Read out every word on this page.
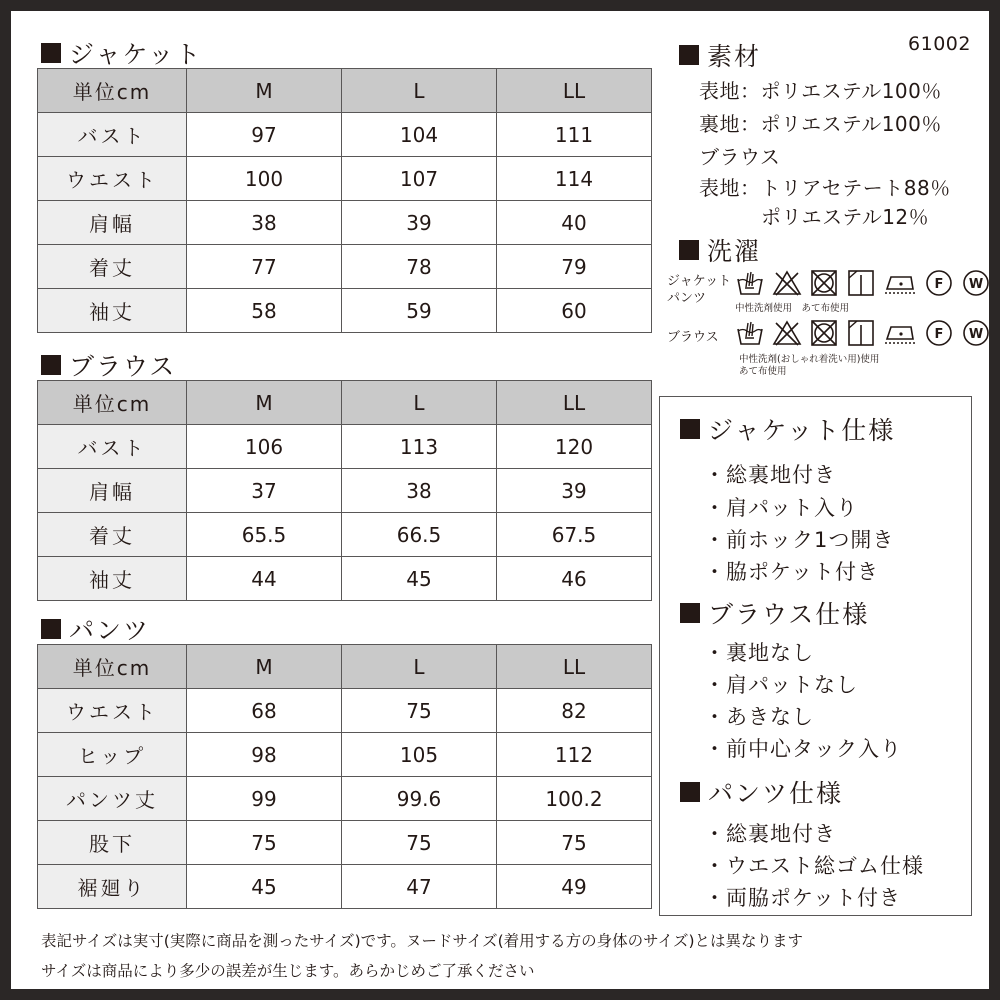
61002
ジャケット
単位cm	M	L	LL
バスト	97	104	111
ウエスト	100	107	114
肩幅	38	39	40
着丈	77	78	79
袖丈	58	59	60
ブラウス
単位cm	M	L	LL
バスト	106	113	120
肩幅	37	38	39
着丈	65.5	66.5	67.5
袖丈	44	45	46
パンツ
単位cm	M	L	LL
ウエスト	68	75	82
ヒップ	98	105	112
パンツ丈	99	99.6	100.2
股下	75	75	75
裾廻り	45	47	49
素材
表地：ポリエステル100％
裏地：ポリエステル100％
ブラウス
表地：トリアセテート88％
ポリエステル12％
洗濯
ジャケット
パンツ
F W
中性洗剤使用　あて布使用
ブラウス	F W
中性洗剤(おしゃれ着洗い用)使用
あて布使用
ジャケット仕様
・総裏地付き
・肩パット入り
・前ホック1つ開き
・脇ポケット付き
ブラウス仕様
・裏地なし
・肩パットなし
・あきなし
・前中心タック入り
パンツ仕様
・総裏地付き
・ウエスト総ゴム仕様
・両脇ポケット付き
表記サイズは実寸(実際に商品を測ったサイズ)です。ヌードサイズ(着用する方の身体のサイズ)とは異なります
サイズは商品により多少の誤差が生じます。あらかじめご了承ください
